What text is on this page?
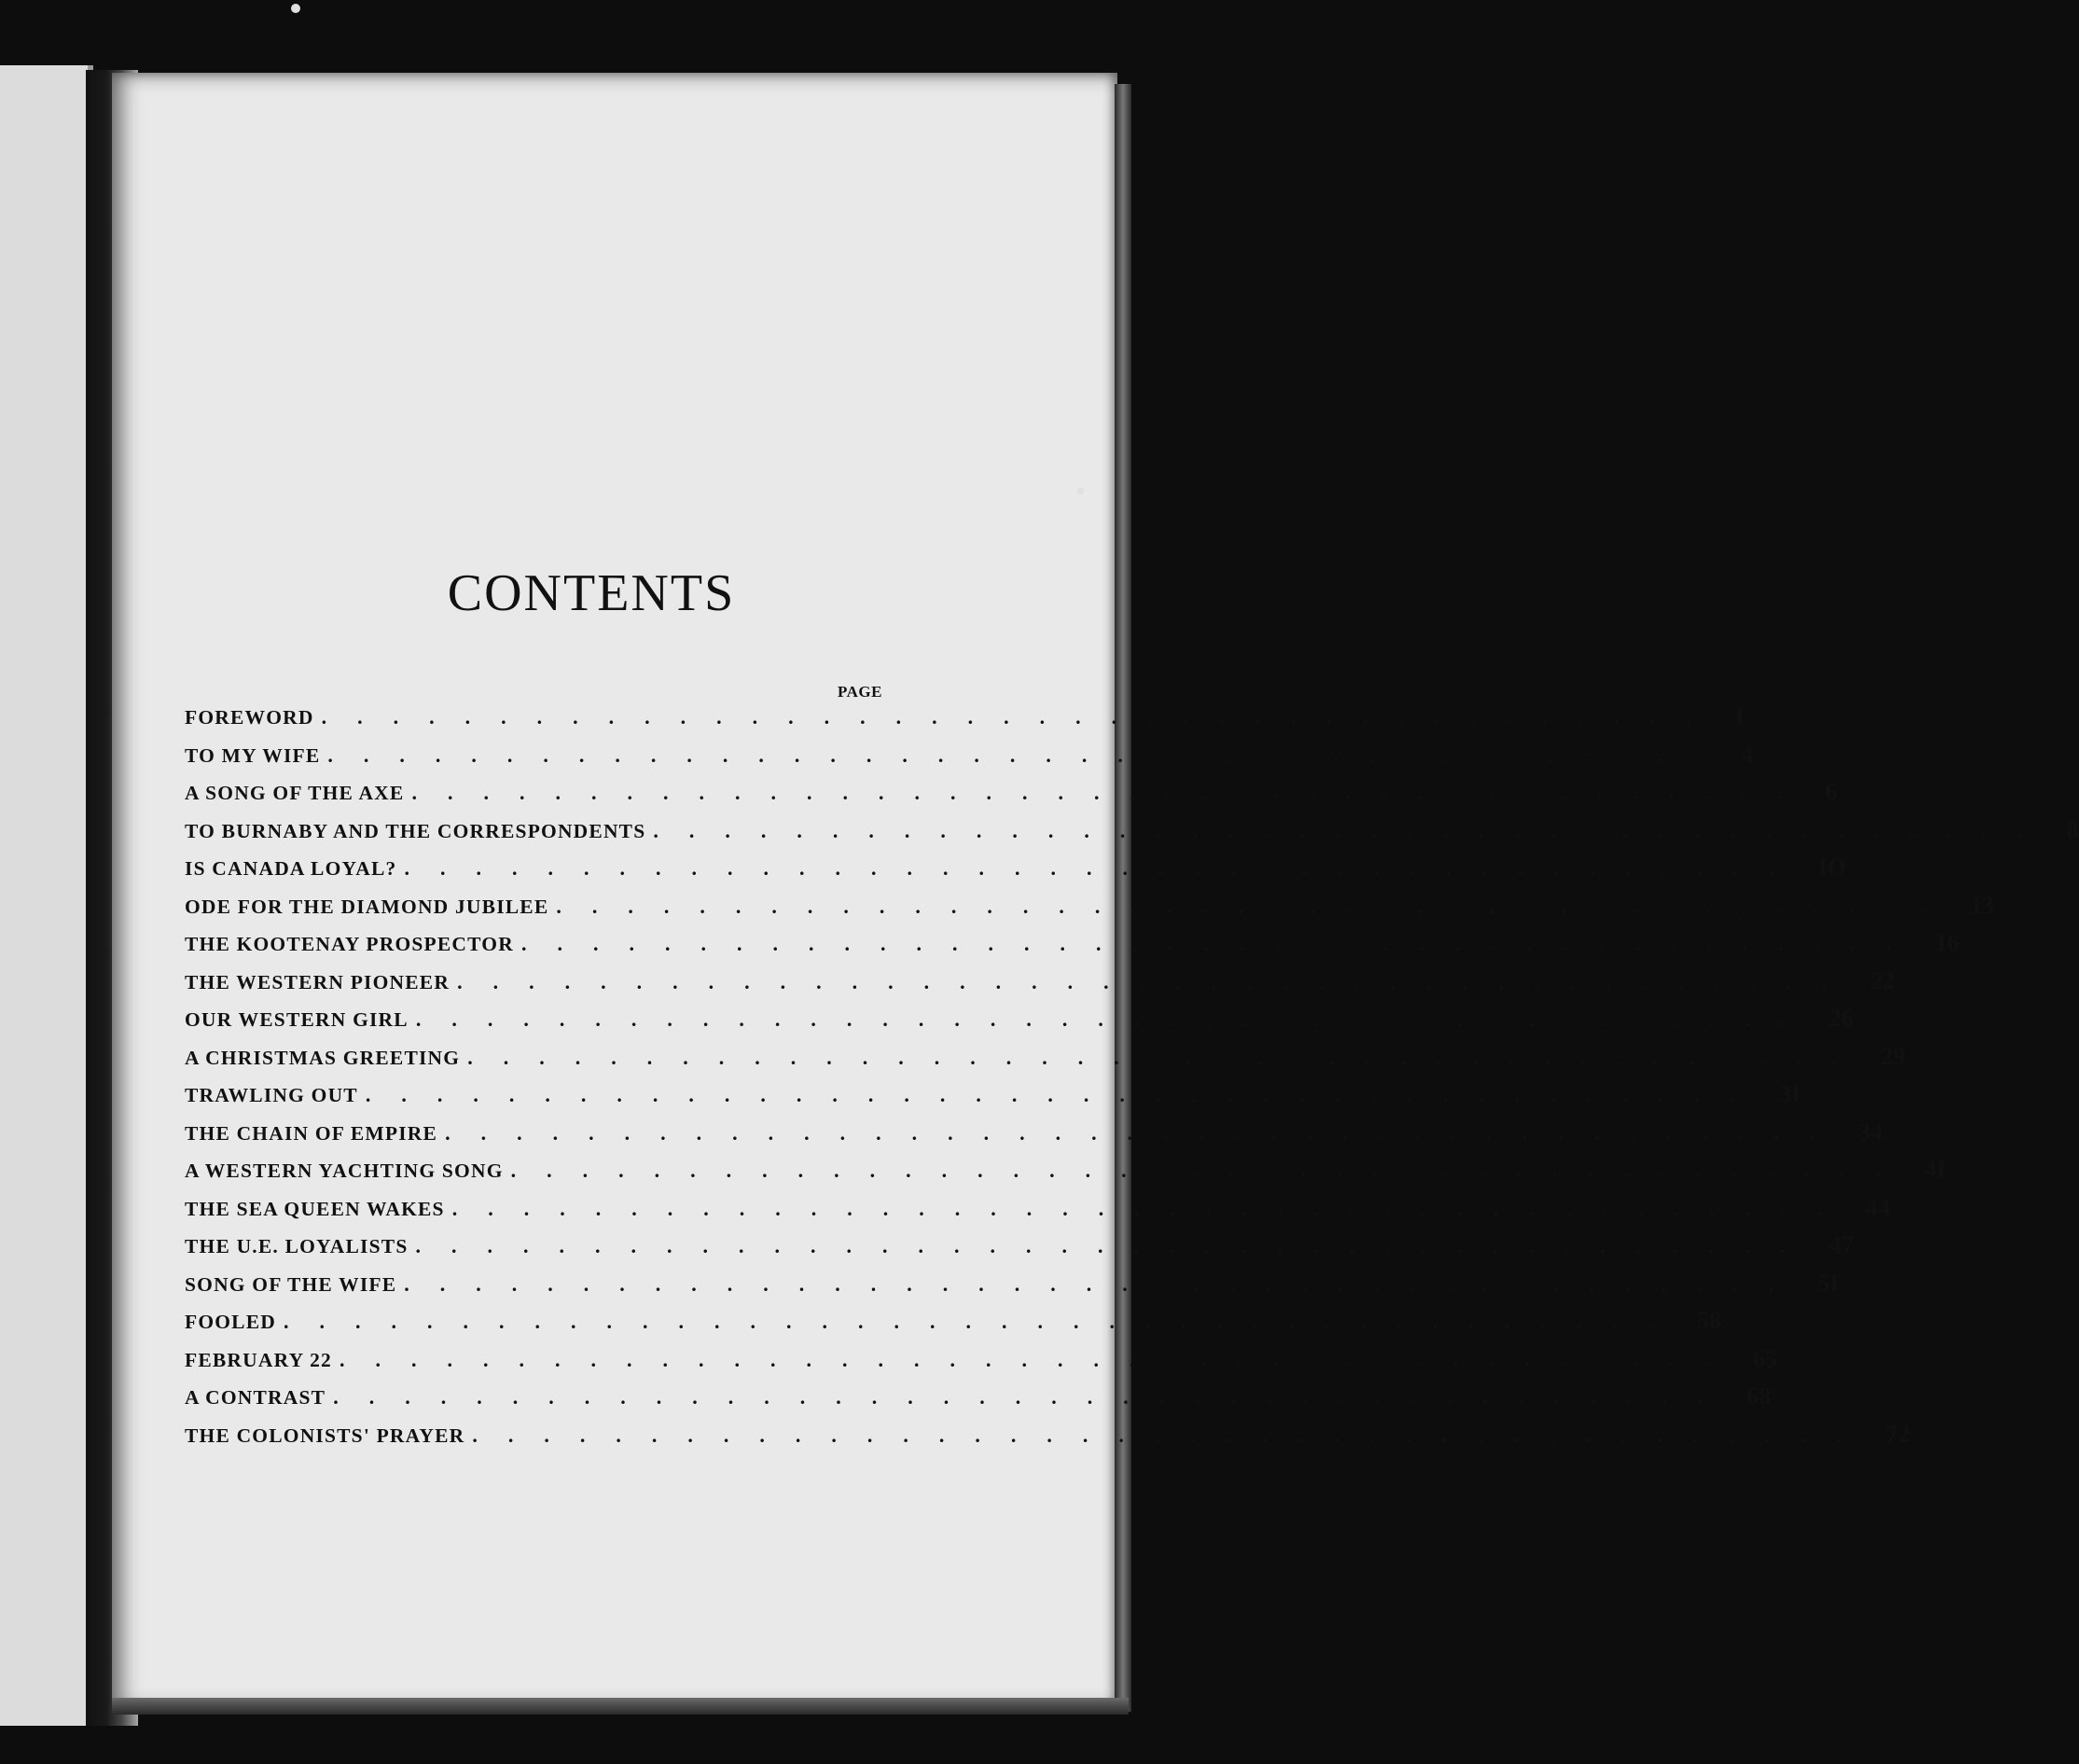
CONTENTS
PAGE
FOREWORD .  .  .  .  .  .  .  .  .  .  .  .  .  .  .  .  .  .  .  .  .  .  .  .  .  .  .  .  .  .  .  .  .  .  .  .  .  .  .   I
TO MY WIFE .  .  .  .  .  .  .  .  .  .  .  .  .  .  .  .  .  .  .  .  .  .  .  .  .  .  .  .  .  .  .  .  .  .  .  .  .  .  .   4
A SONG OF THE AXE .  .  .  .  .  .  .  .  .  .  .  .  .  .  .  .  .  .  .  .  .  .  .  .  .  .  .  .  .  .  .  .  .  .  .  .  .  .  .   6
TO BURNABY AND THE CORRESPONDENTS .  .  .  .  .  .  .  .  .  .  .  .  .  .  .  .  .  .  .  .  .  .  .  .  .  .  .  .  .  .  .  .  .  .  .  .  .  .  .   8
IS CANADA LOYAL? .  .  .  .  .  .  .  .  .  .  .  .  .  .  .  .  .  .  .  .  .  .  .  .  .  .  .  .  .  .  .  .  .  .  .  .  .  .  .   IO
ODE FOR THE DIAMOND JUBILEE .  .  .  .  .  .  .  .  .  .  .  .  .  .  .  .  .  .  .  .  .  .  .  .  .  .  .  .  .  .  .  .  .  .  .  .  .  .  .   13
THE KOOTENAY PROSPECTOR .  .  .  .  .  .  .  .  .  .  .  .  .  .  .  .  .  .  .  .  .  .  .  .  .  .  .  .  .  .  .  .  .  .  .  .  .  .  .   16
THE WESTERN PIONEER .  .  .  .  .  .  .  .  .  .  .  .  .  .  .  .  .  .  .  .  .  .  .  .  .  .  .  .  .  .  .  .  .  .  .  .  .  .  .   22
OUR WESTERN GIRL .  .  .  .  .  .  .  .  .  .  .  .  .  .  .  .  .  .  .  .  .  .  .  .  .  .  .  .  .  .  .  .  .  .  .  .  .  .  .   26
A CHRISTMAS GREETING .  .  .  .  .  .  .  .  .  .  .  .  .  .  .  .  .  .  .  .  .  .  .  .  .  .  .  .  .  .  .  .  .  .  .  .  .  .  .   29
TRAWLING OUT .  .  .  .  .  .  .  .  .  .  .  .  .  .  .  .  .  .  .  .  .  .  .  .  .  .  .  .  .  .  .  .  .  .  .  .  .  .  .   3I
THE CHAIN OF EMPIRE .  .  .  .  .  .  .  .  .  .  .  .  .  .  .  .  .  .  .  .  .  .  .  .  .  .  .  .  .  .  .  .  .  .  .  .  .  .  .   34
A WESTERN YACHTING SONG .  .  .  .  .  .  .  .  .  .  .  .  .  .  .  .  .  .  .  .  .  .  .  .  .  .  .  .  .  .  .  .  .  .  .  .  .  .  .   4I
THE SEA QUEEN WAKES .  .  .  .  .  .  .  .  .  .  .  .  .  .  .  .  .  .  .  .  .  .  .  .  .  .  .  .  .  .  .  .  .  .  .  .  .  .  .   44
THE U.E. LOYALISTS .  .  .  .  .  .  .  .  .  .  .  .  .  .  .  .  .  .  .  .  .  .  .  .  .  .  .  .  .  .  .  .  .  .  .  .  .  .  .   47
SONG OF THE WIFE .  .  .  .  .  .  .  .  .  .  .  .  .  .  .  .  .  .  .  .  .  .  .  .  .  .  .  .  .  .  .  .  .  .  .  .  .  .  .   5I
FOOLED .  .  .  .  .  .  .  .  .  .  .  .  .  .  .  .  .  .  .  .  .  .  .  .  .  .  .  .  .  .  .  .  .  .  .  .  .  .  .   58
FEBRUARY 22 .  .  .  .  .  .  .  .  .  .  .  .  .  .  .  .  .  .  .  .  .  .  .  .  .  .  .  .  .  .  .  .  .  .  .  .  .  .  .   65
A CONTRAST .  .  .  .  .  .  .  .  .  .  .  .  .  .  .  .  .  .  .  .  .  .  .  .  .  .  .  .  .  .  .  .  .  .  .  .  .  .  .   68
THE COLONISTS' PRAYER .  .  .  .  .  .  .  .  .  .  .  .  .  .  .  .  .  .  .  .  .  .  .  .  .  .  .  .  .  .  .  .  .  .  .  .  .  .  .   72
